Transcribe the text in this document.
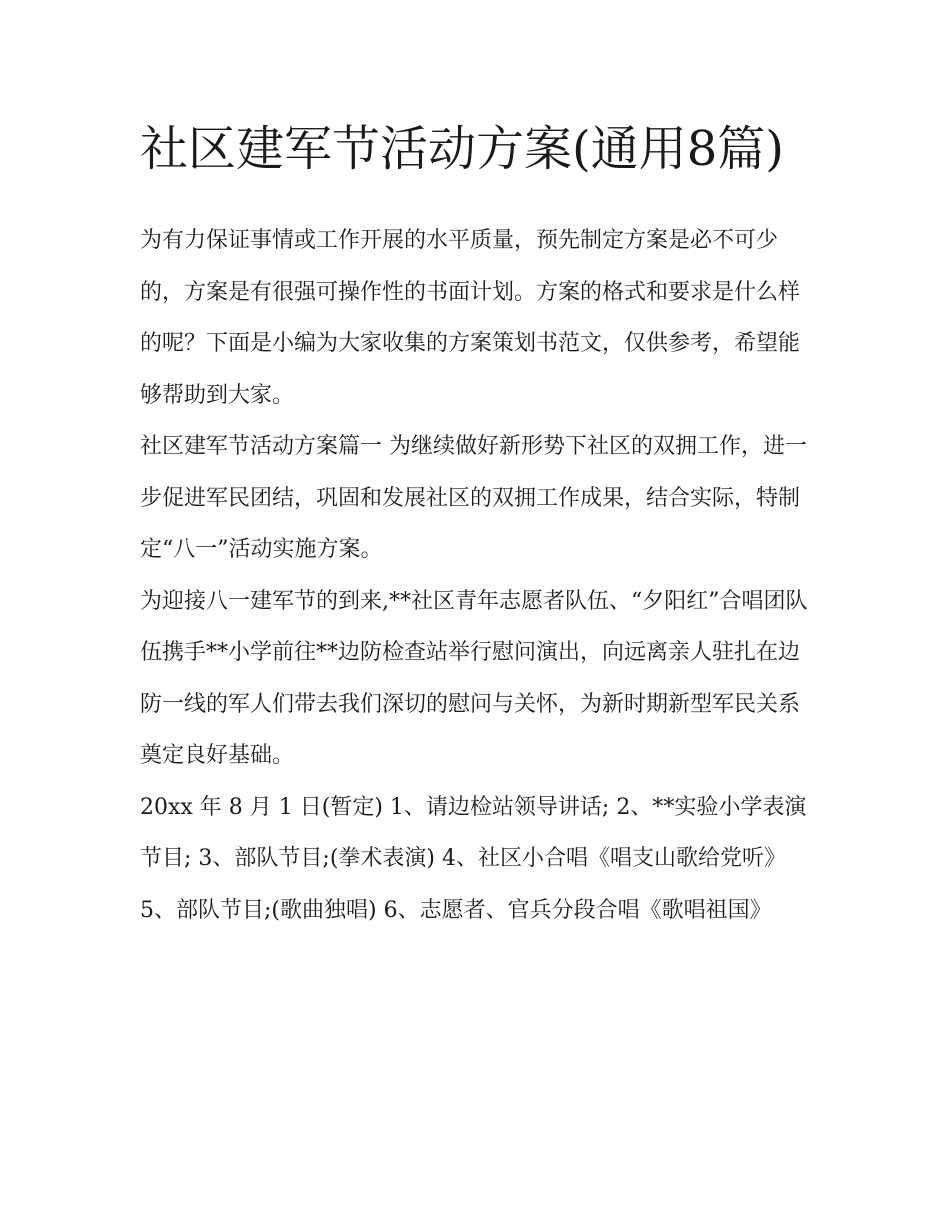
社区建军节活动方案(通用8篇)

为有力保证事情或工作开展的水平质量，预先制定方案是必不可少的，方案是有很强可操作性的书面计划。方案的格式和要求是什么样的呢？下面是小编为大家收集的方案策划书范文，仅供参考，希望能够帮助到大家。

社区建军节活动方案篇一 为继续做好新形势下社区的双拥工作，进一步促进军民团结，巩固和发展社区的双拥工作成果，结合实际，特制定“八一”活动实施方案。

为迎接八一建军节的到来,**社区青年志愿者队伍、“夕阳红”合唱团队伍携手**小学前往**边防检查站举行慰问演出，向远离亲人驻扎在边防一线的军人们带去我们深切的慰问与关怀，为新时期新型军民关系奠定良好基础。

20xx 年 8 月 1 日(暂定) 1、请边检站领导讲话; 2、**实验小学表演节目; 3、部队节目;(拳术表演) 4、社区小合唱《唱支山歌给党听》

5、部队节目;(歌曲独唱) 6、志愿者、官兵分段合唱《歌唱祖国》
